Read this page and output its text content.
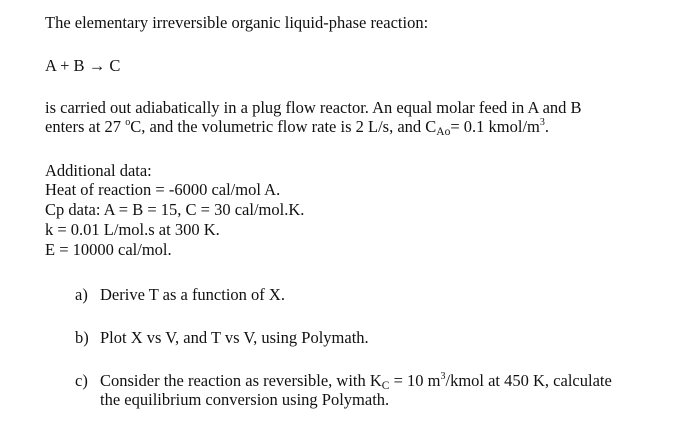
The elementary irreversible organic liquid-phase reaction:
A + B → C
is carried out adiabatically in a plug flow reactor. An equal molar feed in A and B
enters at 27 $^o$C, and the volumetric flow rate is 2 L/s, and $C_{Ao}= 0.1$ kmol/$m^3$.
Additional data:
Heat of reaction = -6000 cal/mol A.
Cp data: A = B = 15, C = 30 cal/mol.K.
k = 0.01 L/mol.s at 300 K.
E = 10000 cal/mol.
a) Derive T as a function of X.
b) Plot X vs V, and T vs V, using Polymath.
c) Consider the reaction as reversible, with $K_C = 10$ $m^3$/kmol at 450 K, calculate
the equilibrium conversion using Polymath.
